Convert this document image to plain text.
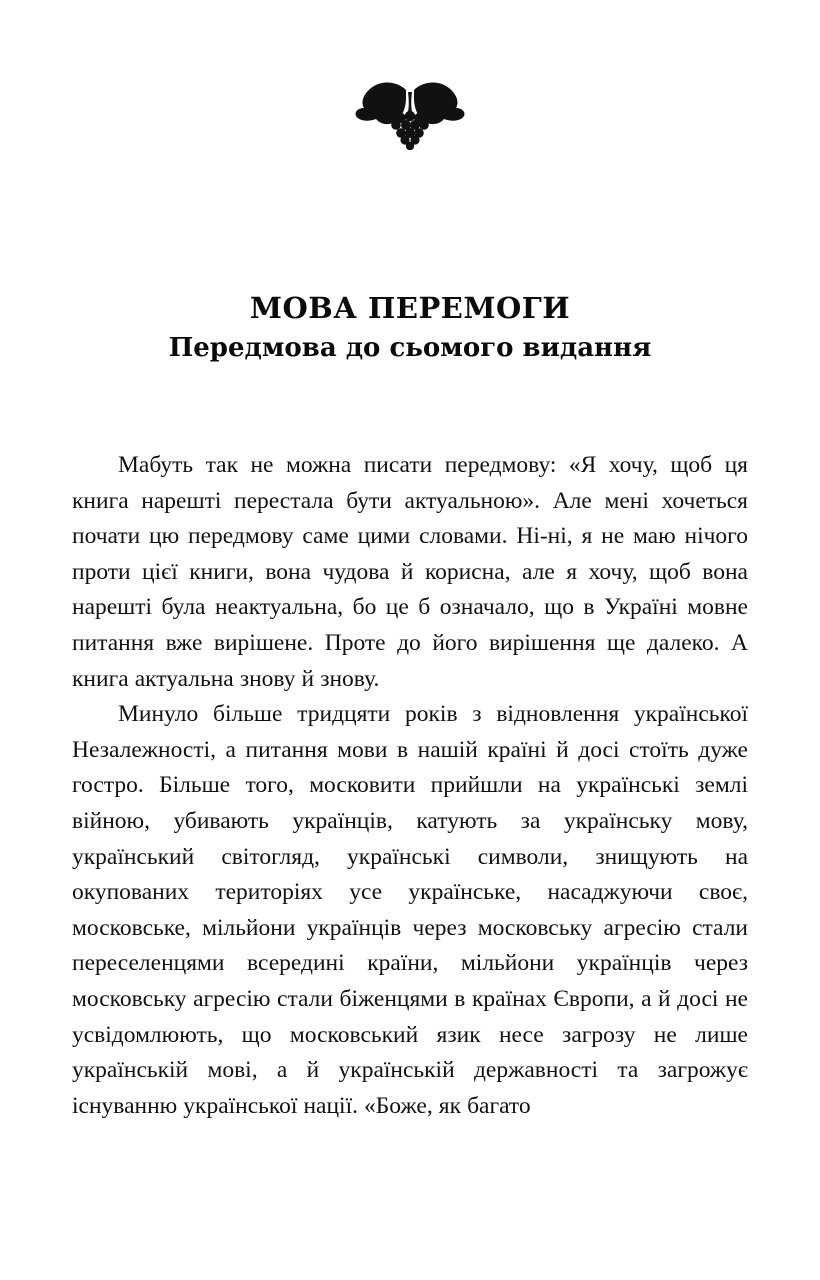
МОВА ПЕРЕМОГИ
Передмова до сьомого видання

Мабуть так не можна писати передмову: «Я хочу, щоб ця книга нарешті перестала бути актуальною». Але мені хочеться почати цю передмову саме цими словами. Ні-ні, я не маю нічого проти цієї книги, вона чудова й корисна, але я хочу, щоб вона нарешті була неактуальна, бо це б означало, що в Україні мовне питання вже вирішене. Проте до його вирішення ще далеко. А книга актуальна знову й знову.

Минуло більше тридцяти років з відновлення української Незалежності, а питання мови в нашій країні й досі стоїть дуже гостро. Більше того, московити прийшли на українські землі війною, убивають українців, катують за українську мову, український світогляд, українські символи, знищують на окупованих територіях усе українське, насаджуючи своє, московське, мільйони українців через московську агресію стали переселенцями всередині країни, мільйони українців через московську агресію стали біженцями в країнах Європи, а й досі не усвідомлюють, що московський язик несе загрозу не лише українській мові, а й українській державності та загрожує існуванню української нації. «Боже, як багато
